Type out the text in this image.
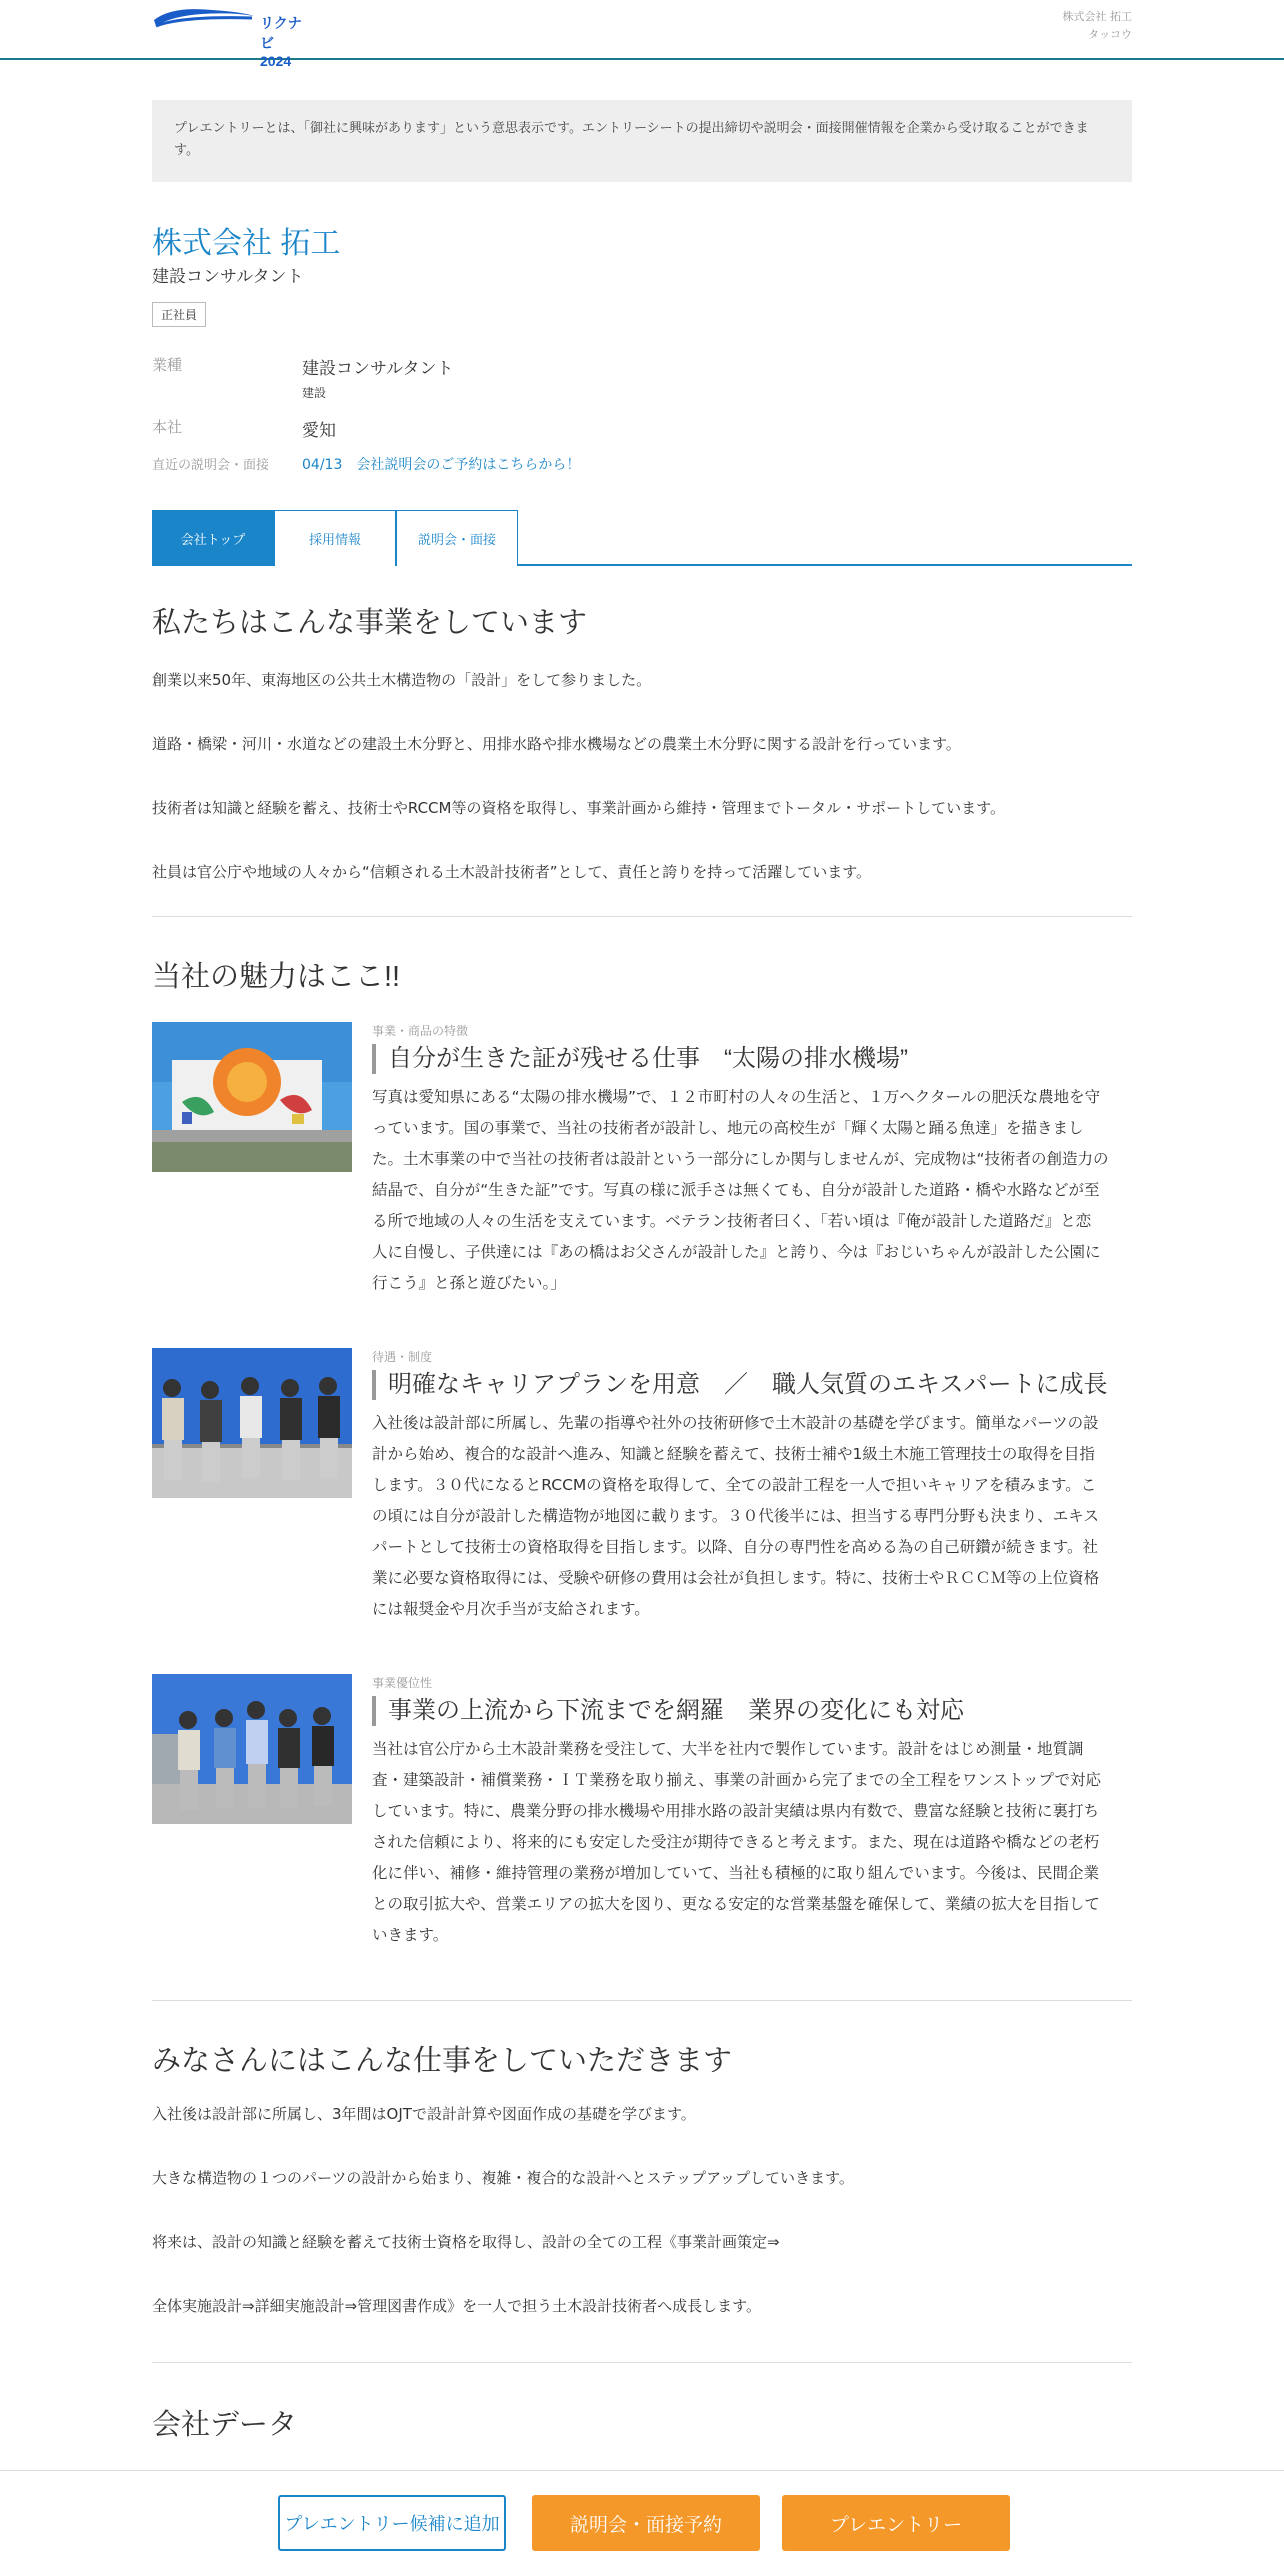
リクナビ2024
株式会社 拓工
タッコウ
プレエントリーとは、「御社に興味があります」という意思表示です。エントリーシートの提出締切や説明会・面接開催情報を企業から受け取ることができます。
株式会社 拓工
建設コンサルタント
正社員
業種	建設コンサルタント
建設
本社	愛知
直近の説明会・面接	04/13　会社説明会のご予約はこちらから！
会社トップ	採用情報	説明会・面接
私たちはこんな事業をしています
創業以来50年、東海地区の公共土木構造物の「設計」をして参りました。
道路・橋梁・河川・水道などの建設土木分野と、用排水路や排水機場などの農業土木分野に関する設計を行っています。
技術者は知識と経験を蓄え、技術士やRCCM等の資格を取得し、事業計画から維持・管理までトータル・サポートしています。
社員は官公庁や地域の人々から“信頼される土木設計技術者”として、責任と誇りを持って活躍しています。
当社の魅力はここ!!
事業・商品の特徴
自分が生きた証が残せる仕事　“太陽の排水機場”
写真は愛知県にある“太陽の排水機場”で、１２市町村の人々の生活と、１万ヘクタールの肥沃な農地を守
っています。国の事業で、当社の技術者が設計し、地元の高校生が「輝く太陽と踊る魚達」を描きまし
た。土木事業の中で当社の技術者は設計という一部分にしか関与しませんが、完成物は“技術者の創造力の
結晶で、自分が“生きた証”です。写真の様に派手さは無くても、自分が設計した道路・橋や水路などが至
る所で地域の人々の生活を支えています。ベテラン技術者曰く、「若い頃は『俺が設計した道路だ』と恋
人に自慢し、子供達には『あの橋はお父さんが設計した』と誇り、今は『おじいちゃんが設計した公園に
行こう』と孫と遊びたい。」
待遇・制度
明確なキャリアプランを用意　／　職人気質のエキスパートに成長
入社後は設計部に所属し、先輩の指導や社外の技術研修で土木設計の基礎を学びます。簡単なパーツの設
計から始め、複合的な設計へ進み、知識と経験を蓄えて、技術士補や1級土木施工管理技士の取得を目指
します。３０代になるとRCCMの資格を取得して、全ての設計工程を一人で担いキャリアを積みます。こ
の頃には自分が設計した構造物が地図に載ります。３０代後半には、担当する専門分野も決まり、エキス
パートとして技術士の資格取得を目指します。以降、自分の専門性を高める為の自己研鑽が続きます。社
業に必要な資格取得には、受験や研修の費用は会社が負担します。特に、技術士やＲＣＣＭ等の上位資格
には報奨金や月次手当が支給されます。
事業優位性
事業の上流から下流までを網羅　業界の変化にも対応
当社は官公庁から土木設計業務を受注して、大半を社内で製作しています。設計をはじめ測量・地質調
査・建築設計・補償業務・ＩＴ業務を取り揃え、事業の計画から完了までの全工程をワンストップで対応
しています。特に、農業分野の排水機場や用排水路の設計実績は県内有数で、豊富な経験と技術に裏打ち
された信頼により、将来的にも安定した受注が期待できると考えます。また、現在は道路や橋などの老朽
化に伴い、補修・維持管理の業務が増加していて、当社も積極的に取り組んでいます。今後は、民間企業
との取引拡大や、営業エリアの拡大を図り、更なる安定的な営業基盤を確保して、業績の拡大を目指して
いきます。
みなさんにはこんな仕事をしていただきます
入社後は設計部に所属し、3年間はOJTで設計計算や図面作成の基礎を学びます。
大きな構造物の１つのパーツの設計から始まり、複雑・複合的な設計へとステップアップしていきます。
将来は、設計の知識と経験を蓄えて技術士資格を取得し、設計の全ての工程《事業計画策定⇒
全体実施設計⇒詳細実施設計⇒管理図書作成》を一人で担う土木設計技術者へ成長します。
会社データ
プレエントリー候補に追加	説明会・面接予約	プレエントリー
